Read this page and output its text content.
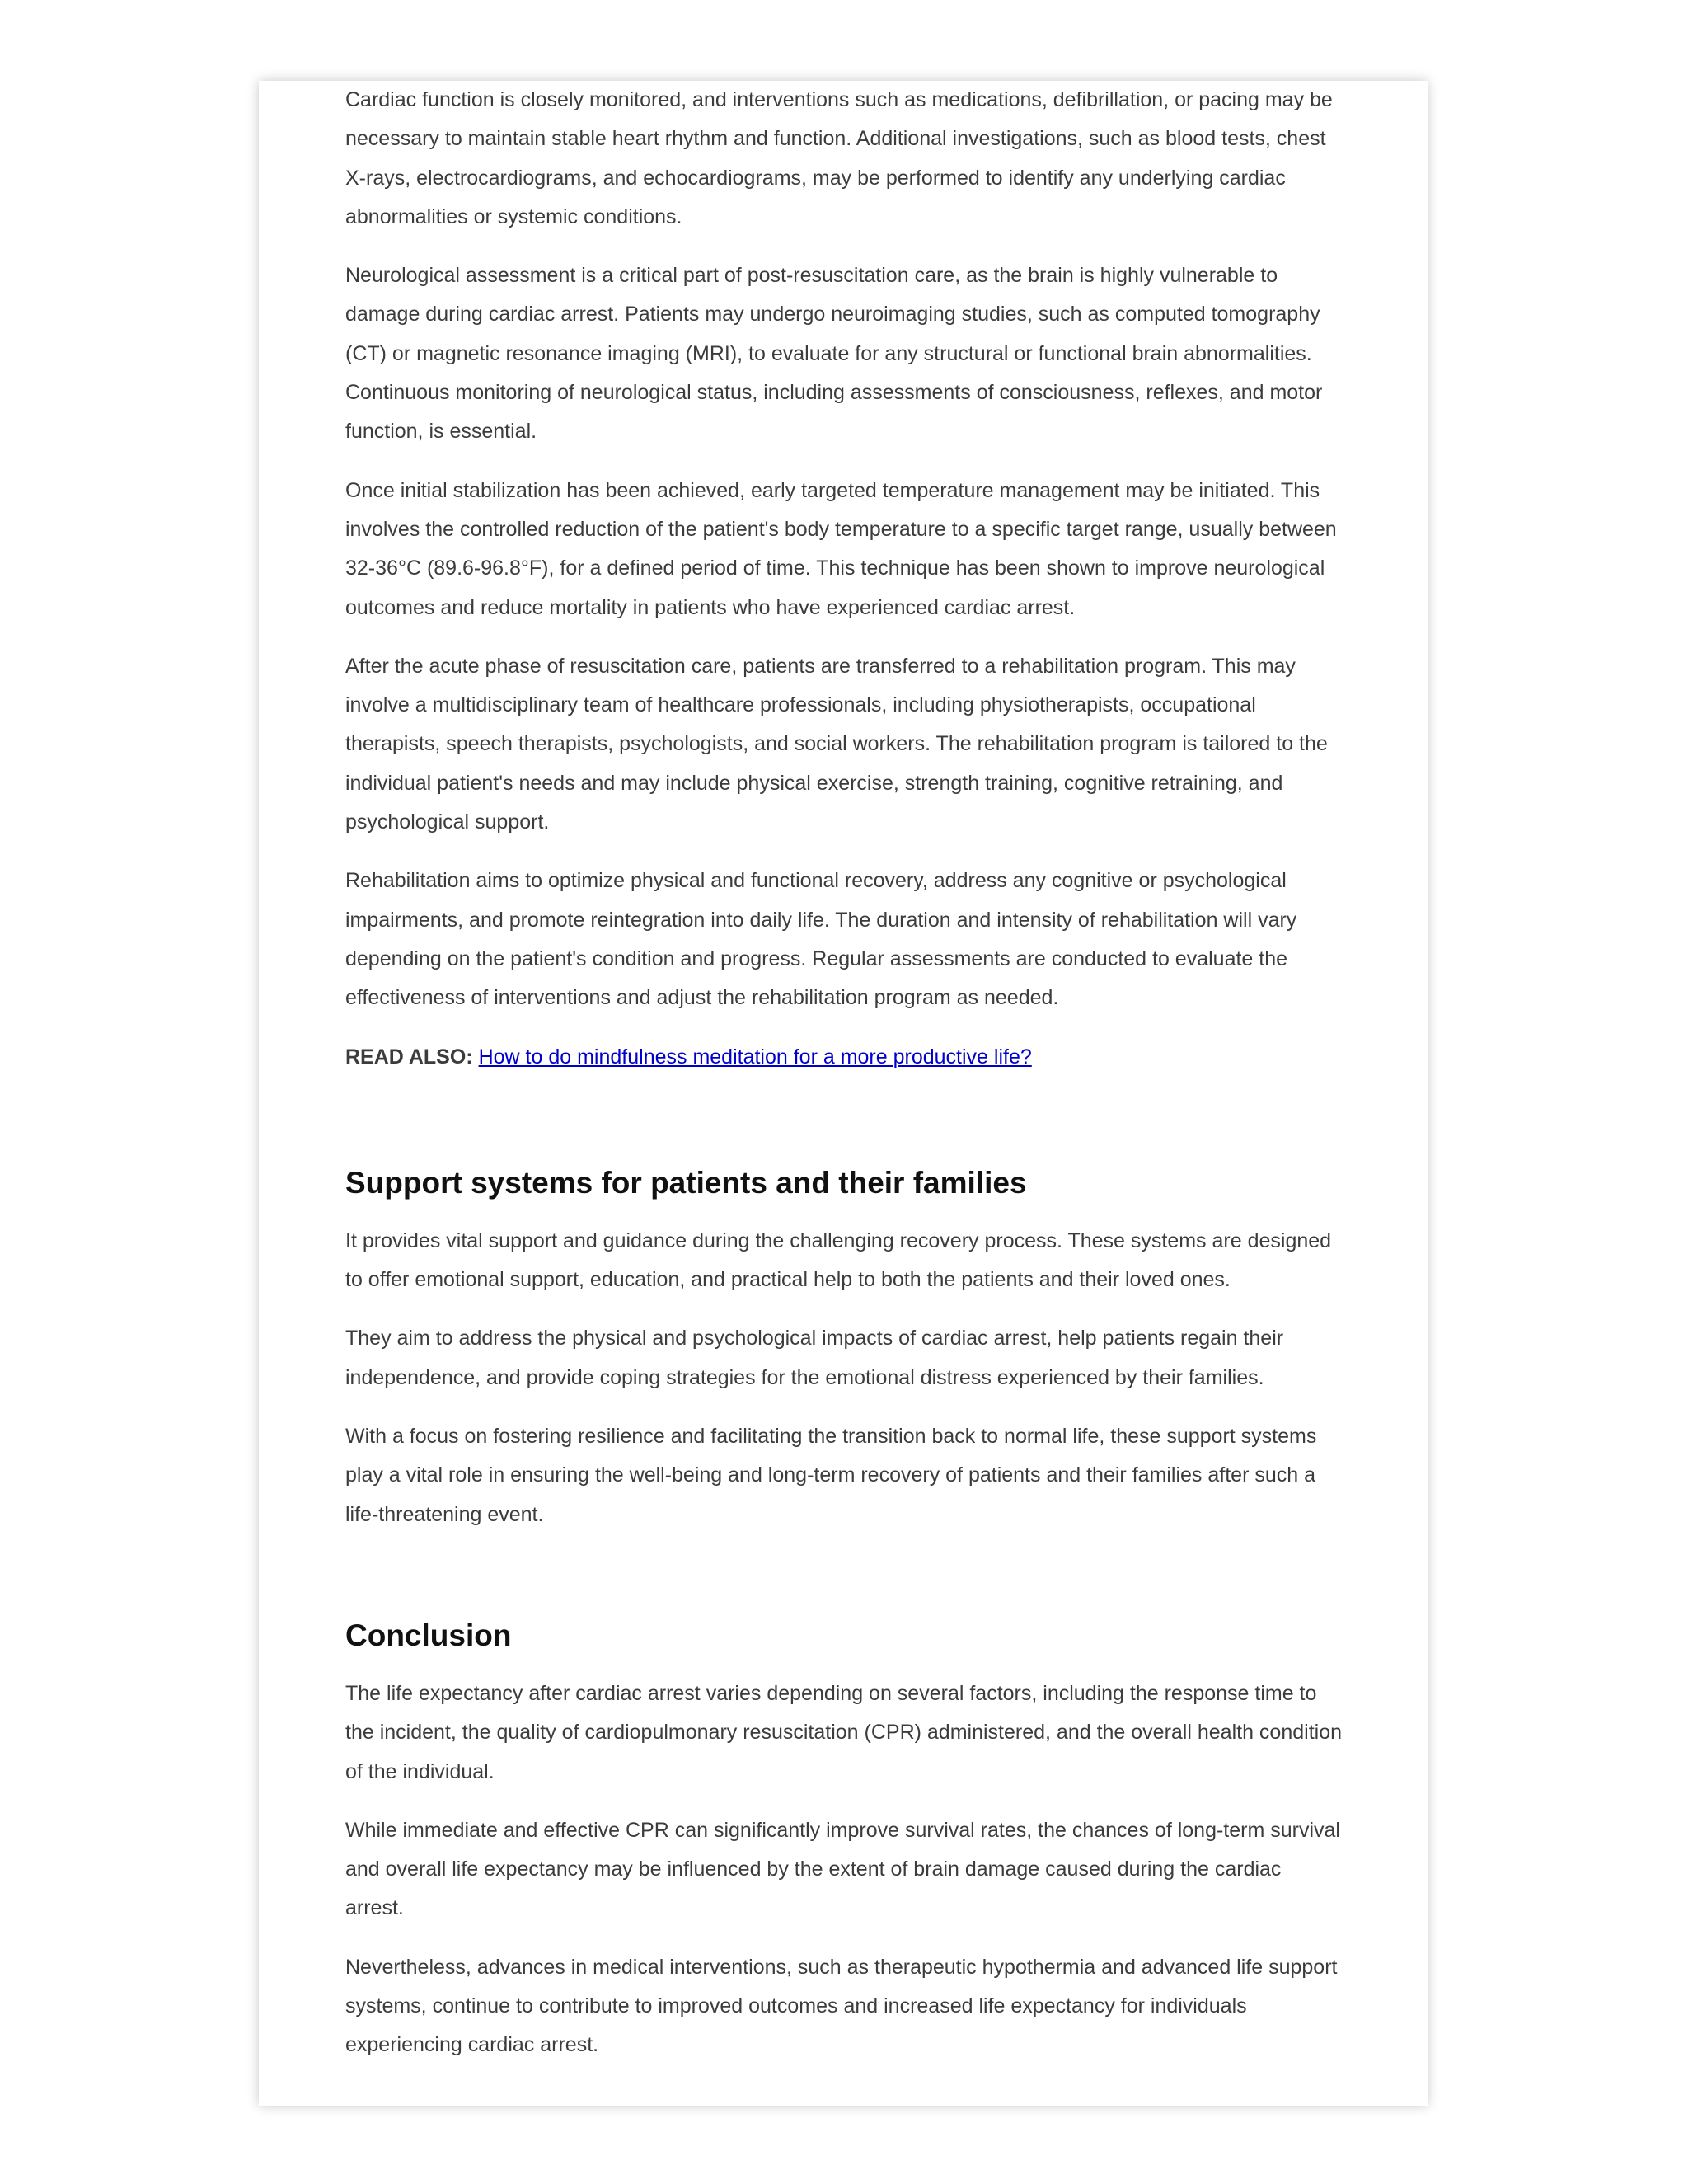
Cardiac function is closely monitored, and interventions such as medications, defibrillation, or pacing may be necessary to maintain stable heart rhythm and function. Additional investigations, such as blood tests, chest X-rays, electrocardiograms, and echocardiograms, may be performed to identify any underlying cardiac abnormalities or systemic conditions.

Neurological assessment is a critical part of post-resuscitation care, as the brain is highly vulnerable to damage during cardiac arrest. Patients may undergo neuroimaging studies, such as computed tomography (CT) or magnetic resonance imaging (MRI), to evaluate for any structural or functional brain abnormalities. Continuous monitoring of neurological status, including assessments of consciousness, reflexes, and motor function, is essential.

Once initial stabilization has been achieved, early targeted temperature management may be initiated. This involves the controlled reduction of the patient's body temperature to a specific target range, usually between 32-36°C (89.6-96.8°F), for a defined period of time. This technique has been shown to improve neurological outcomes and reduce mortality in patients who have experienced cardiac arrest.

After the acute phase of resuscitation care, patients are transferred to a rehabilitation program. This may involve a multidisciplinary team of healthcare professionals, including physiotherapists, occupational therapists, speech therapists, psychologists, and social workers. The rehabilitation program is tailored to the individual patient's needs and may include physical exercise, strength training, cognitive retraining, and psychological support.

Rehabilitation aims to optimize physical and functional recovery, address any cognitive or psychological impairments, and promote reintegration into daily life. The duration and intensity of rehabilitation will vary depending on the patient's condition and progress. Regular assessments are conducted to evaluate the effectiveness of interventions and adjust the rehabilitation program as needed.

READ ALSO: How to do mindfulness meditation for a more productive life?

Support systems for patients and their families

It provides vital support and guidance during the challenging recovery process. These systems are designed to offer emotional support, education, and practical help to both the patients and their loved ones.

They aim to address the physical and psychological impacts of cardiac arrest, help patients regain their independence, and provide coping strategies for the emotional distress experienced by their families.

With a focus on fostering resilience and facilitating the transition back to normal life, these support systems play a vital role in ensuring the well-being and long-term recovery of patients and their families after such a life-threatening event.

Conclusion

The life expectancy after cardiac arrest varies depending on several factors, including the response time to the incident, the quality of cardiopulmonary resuscitation (CPR) administered, and the overall health condition of the individual.

While immediate and effective CPR can significantly improve survival rates, the chances of long-term survival and overall life expectancy may be influenced by the extent of brain damage caused during the cardiac arrest.

Nevertheless, advances in medical interventions, such as therapeutic hypothermia and advanced life support systems, continue to contribute to improved outcomes and increased life expectancy for individuals experiencing cardiac arrest.
